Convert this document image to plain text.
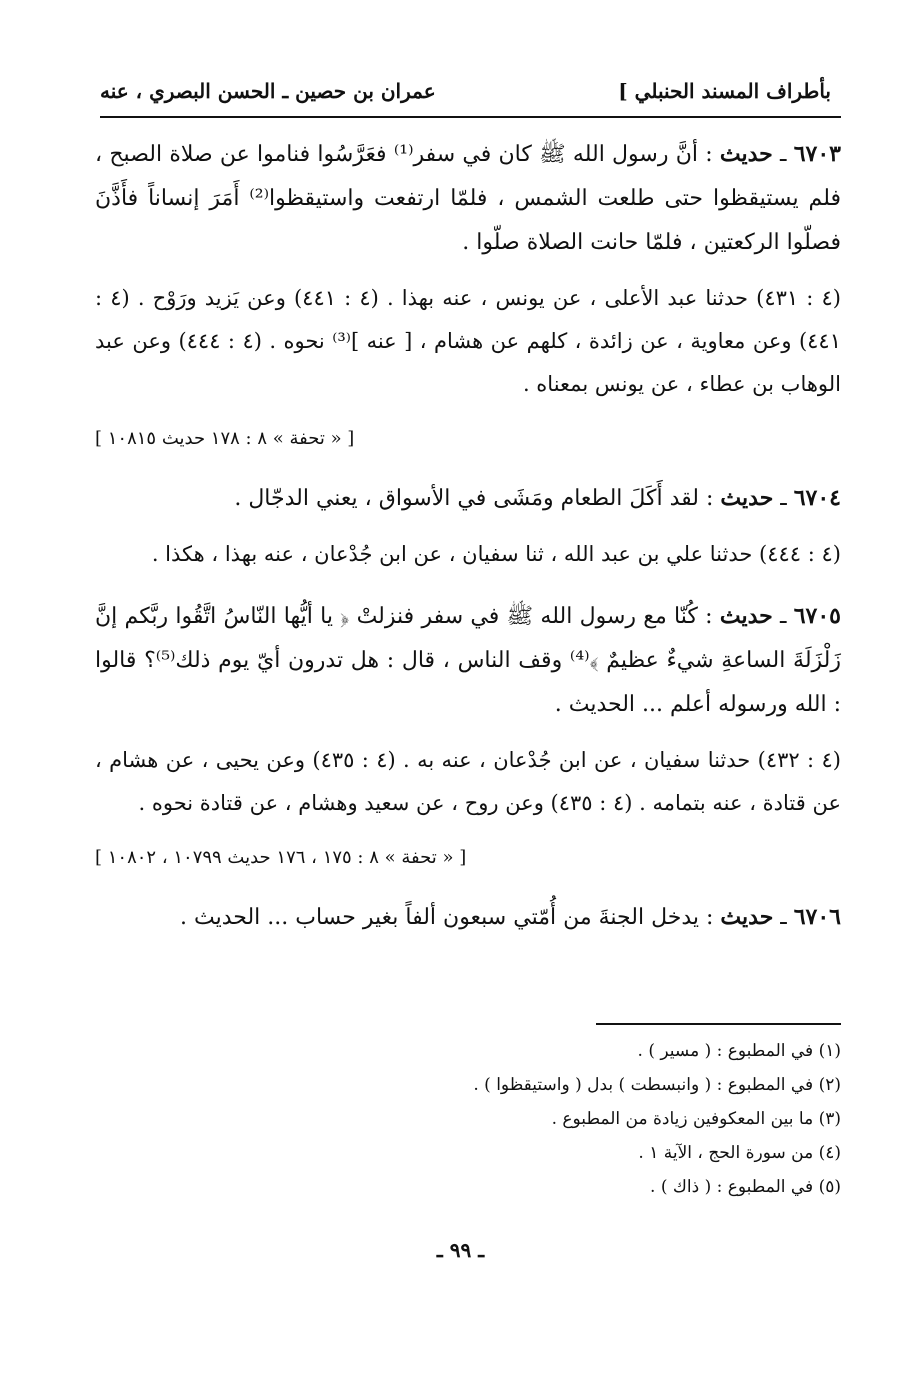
بأطراف المسند الحنبلي ]
عمران بن حصين ـ الحسن البصري ، عنه

٦٧٠٣ ـ حديث : أنَّ رسول الله ﷺ كان في سفر⁽¹⁾ فعَرَّسُوا فناموا عن صلاة الصبح ، فلم يستيقظوا حتى طلعت الشمس ، فلمّا ارتفعت واستيقظوا⁽²⁾ أَمَرَ إنساناً فأَذَّنَ فصلّوا الركعتين ، فلمّا حانت الصلاة صلّوا .

(٤ : ٤٣١) حدثنا عبد الأعلى ، عن يونس ، عنه بهذا . (٤ : ٤٤١) وعن يَزيد ورَوْح . (٤ : ٤٤١) وعن معاوية ، عن زائدة ، كلهم عن هشام ، [ عنه ]⁽³⁾ نحوه . (٤ : ٤٤٤) وعن عبد الوهاب بن عطاء ، عن يونس بمعناه .

[ « تحفة » ٨ : ١٧٨ حديث ١٠٨١٥ ]

٦٧٠٤ ـ حديث : لقد أَكَلَ الطعام ومَشَى في الأسواق ، يعني الدجّال .

(٤ : ٤٤٤) حدثنا علي بن عبد الله ، ثنا سفيان ، عن ابن جُدْعان ، عنه بهذا ، هكذا .

٦٧٠٥ ـ حديث : كُنّا مع رسول الله ﷺ في سفر فنزلتْ ﴿ يا أيُّها النّاسُ اتَّقُوا ربَّكم إنَّ زَلْزَلَةَ الساعةِ شيءٌ عظيمٌ ﴾⁽⁴⁾ وقف الناس ، قال : هل تدرون أيّ يوم ذلك⁽⁵⁾؟ قالوا : الله ورسوله أعلم ... الحديث .

(٤ : ٤٣٢) حدثنا سفيان ، عن ابن جُدْعان ، عنه به . (٤ : ٤٣٥) وعن يحيى ، عن هشام ، عن قتادة ، عنه بتمامه . (٤ : ٤٣٥) وعن روح ، عن سعيد وهشام ، عن قتادة نحوه .

[ « تحفة » ٨ : ١٧٥ ، ١٧٦ حديث ١٠٧٩٩ ، ١٠٨٠٢ ]

٦٧٠٦ ـ حديث : يدخل الجنةَ من أُمّتي سبعون ألفاً بغير حساب ... الحديث .

(١) في المطبوع : ( مسير ) .
(٢) في المطبوع : ( وانبسطت ) بدل ( واستيقظوا ) .
(٣) ما بين المعكوفين زيادة من المطبوع .
(٤) من سورة الحج ، الآية ١ .
(٥) في المطبوع : ( ذاك ) .
ـ ٩٩ ـ
